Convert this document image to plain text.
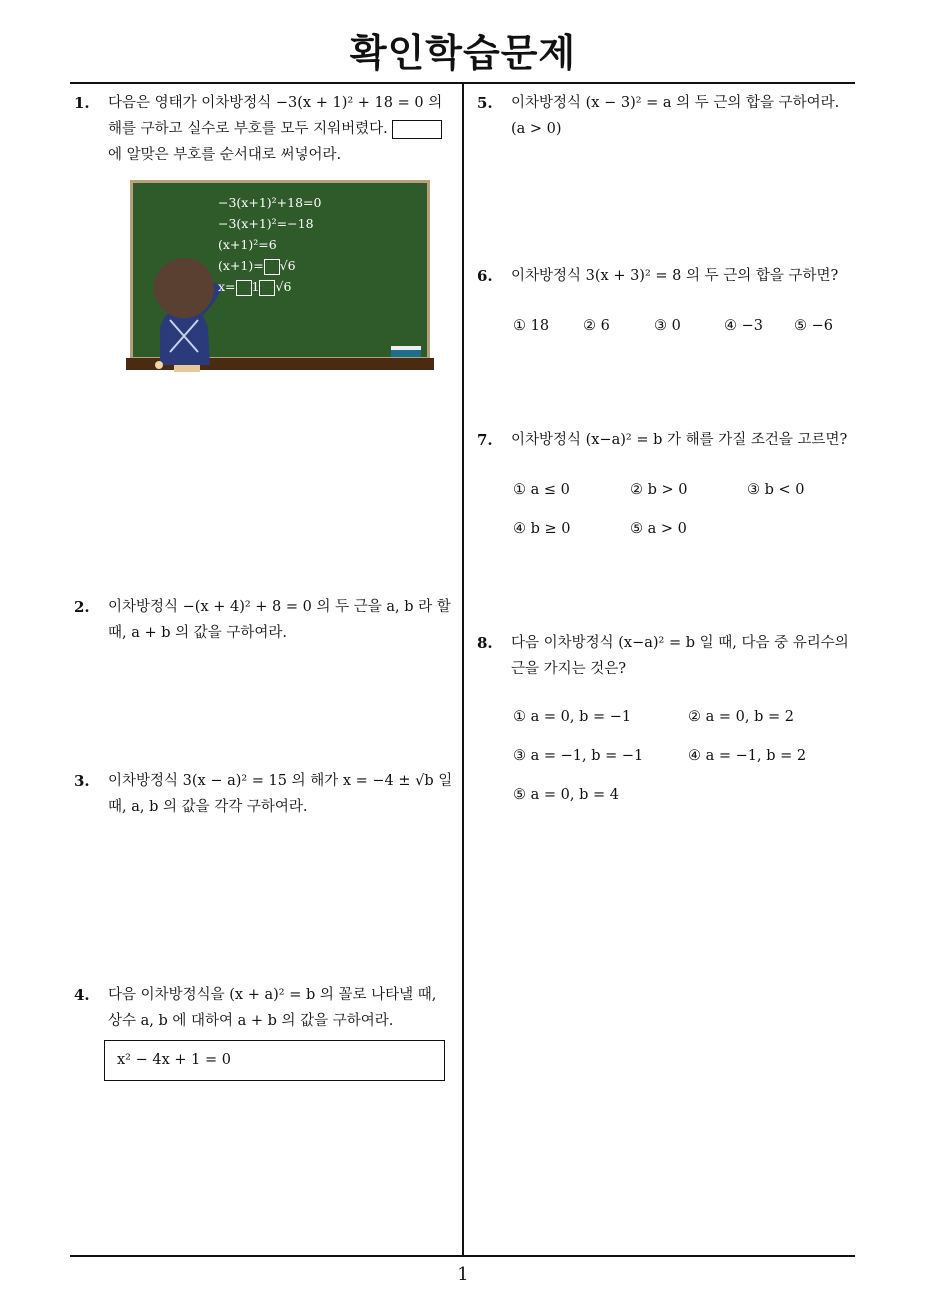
확인학습문제
1. 다음은 영태가 이차방정식 −3(x + 1)² + 18 = 0 의
해를 구하고 실수로 부호를 모두 지워버렸다.
에 알맞은 부호를 순서대로 써넣어라.
−3(x+1)²+18=0
−3(x+1)²=−18
(x+1)²=6
(x+1)= √6
x= 1 √6
2. 이차방정식 −(x + 4)² + 8 = 0 의 두 근을 a, b 라 할
때, a + b 의 값을 구하여라.
3. 이차방정식 3(x − a)² = 15 의 해가 x = −4 ± √b 일
때, a, b 의 값을 각각 구하여라.
4. 다음 이차방정식을 (x + a)² = b 의 꼴로 나타낼 때,
상수 a, b 에 대하여 a + b 의 값을 구하여라.
x² − 4x + 1 = 0
5. 이차방정식 (x − 3)² = a 의 두 근의 합을 구하여라.
(a > 0)
6. 이차방정식 3(x + 3)² = 8 의 두 근의 합을 구하면?
① 18 ② 6	③ 0	④ −3 ⑤ −6
7. 이차방정식 (x−a)² = b 가 해를 가질 조건을 고르면?
① a ≤ 0	② b > 0	③ b < 0
④ b ≥ 0	⑤ a > 0
8. 다음 이차방정식 (x−a)² = b 일 때, 다음 중 유리수의
근을 가지는 것은?
① a = 0, b = −1	② a = 0, b = 2
③ a = −1, b = −1	④ a = −1, b = 2
⑤ a = 0, b = 4
1
